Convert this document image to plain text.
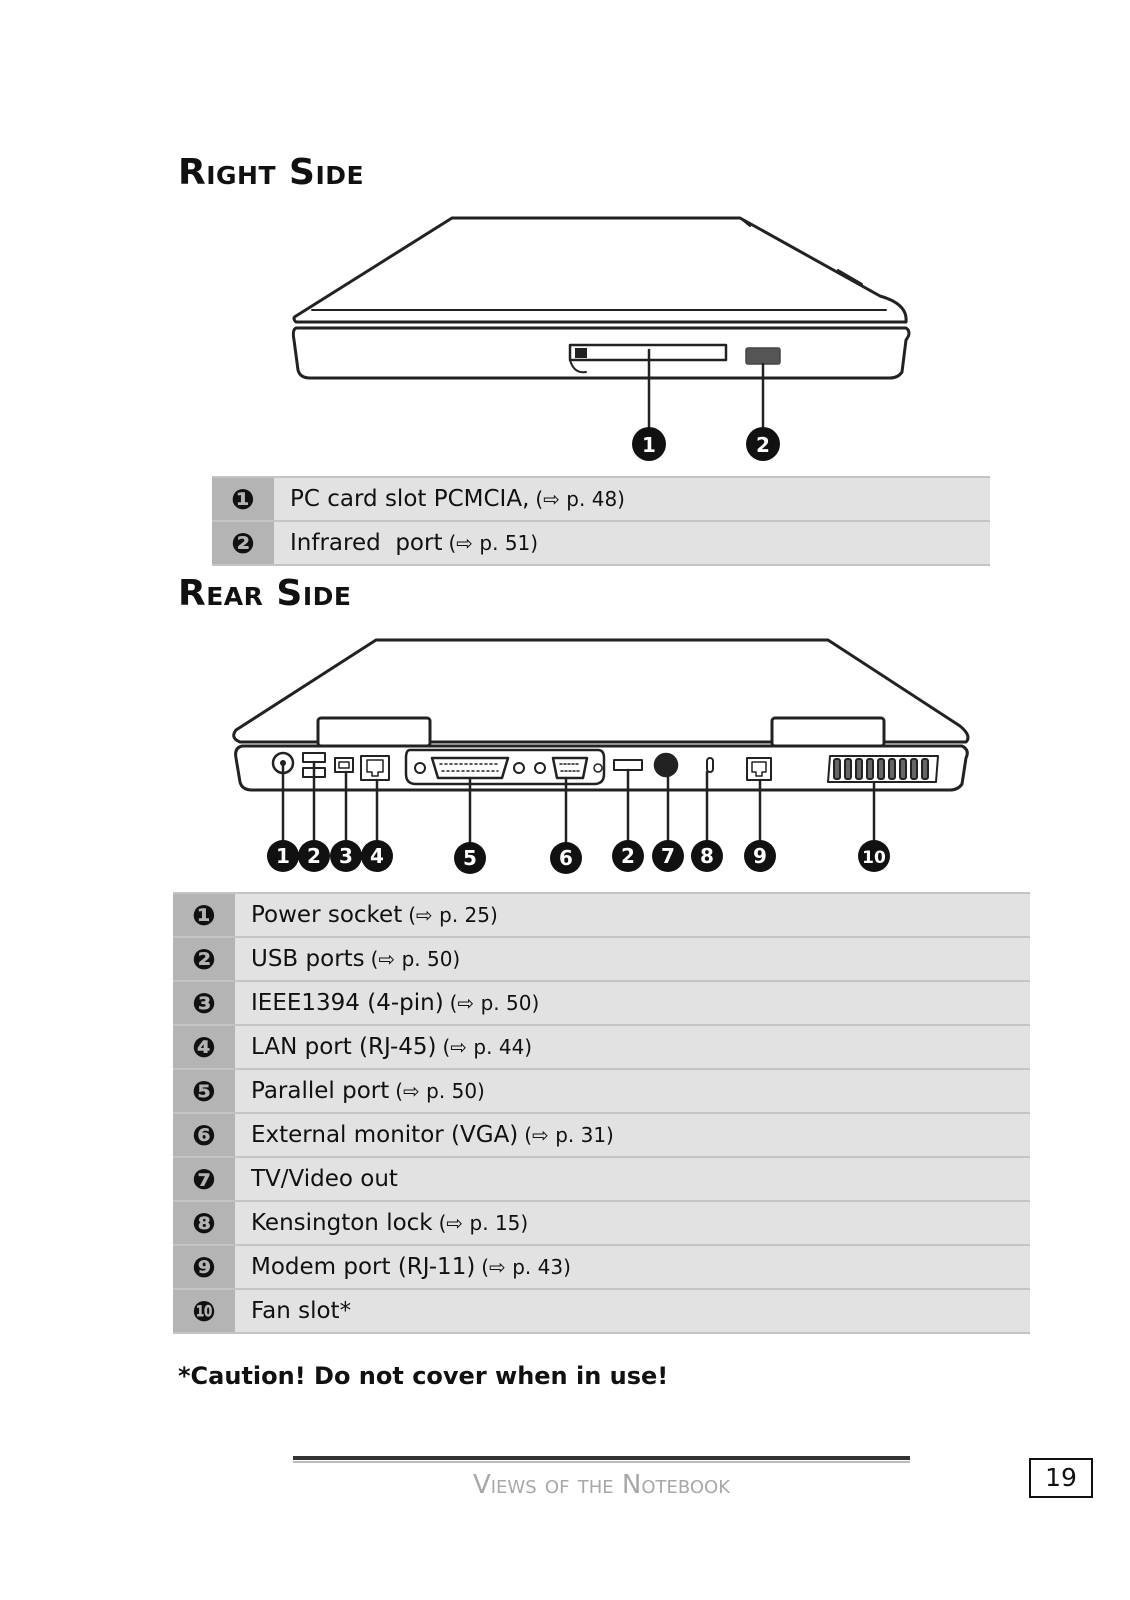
Right Side
1	2
❶	PC card slot PCMCIA, (⇨ p. 48)
❷	Infrared  port (⇨ p. 51)
Rear Side
1 2 3 4	5	6 2 7 8 9	10
❶	Power socket (⇨ p. 25)
❷	USB ports (⇨ p. 50)
❸	IEEE1394 (4-pin) (⇨ p. 50)
❹	LAN port (RJ-45) (⇨ p. 44)
❺	Parallel port (⇨ p. 50)
❻	External monitor (VGA) (⇨ p. 31)
❼	TV/Video out
❽	Kensington lock (⇨ p. 15)
❾	Modem port (RJ-11) (⇨ p. 43)
❿	Fan slot*

*Caution! Do not cover when in use!

Views of the Notebook	19
